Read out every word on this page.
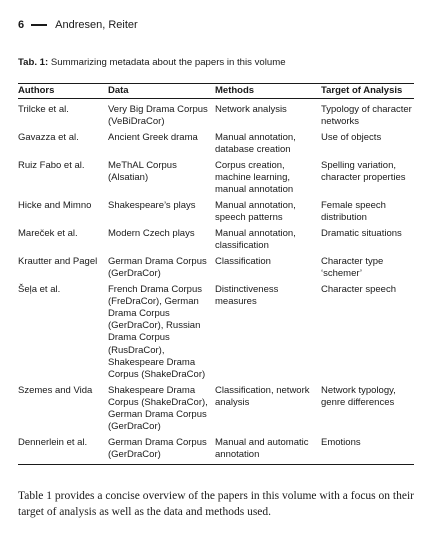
6	Andresen, Reiter
Tab. 1: Summarizing metadata about the papers in this volume
Authors	Data	Methods	Target of Analysis
Trilcke et al.	Very Big Drama Corpus (VeBiDraCor)	Network analysis	Typology of character networks
Gavazza et al.	Ancient Greek drama	Manual annotation, database creation	Use of objects
Ruiz Fabo et al.	MeThAL Corpus (Alsatian)	Corpus creation, machine learning, manual annotation	Spelling variation, character properties
Hicke and Mimno	Shakespeare’s plays	Manual annotation, speech patterns	Female speech distribution
Mareček et al.	Modern Czech plays	Manual annotation, classification	Dramatic situations
Krautter and Pagel	German Drama Corpus (GerDraCor)	Classification	Character type ‘schemer’
Šeļa et al.	French Drama Corpus (FreDraCor), German Drama Corpus (GerDraCor), Russian Drama Corpus (RusDraCor), Shakespeare Drama Corpus (ShakeDraCor)	Distinctiveness measures	Character speech
Szemes and Vida	Shakespeare Drama Corpus (ShakeDraCor), German Drama Corpus (GerDraCor)	Classification, network analysis	Network typology, genre differences
Dennerlein et al.	German Drama Corpus (GerDraCor)	Manual and automatic annotation	Emotions

Table 1 provides a concise overview of the papers in this volume with a focus on their target of analysis as well as the data and methods used.
